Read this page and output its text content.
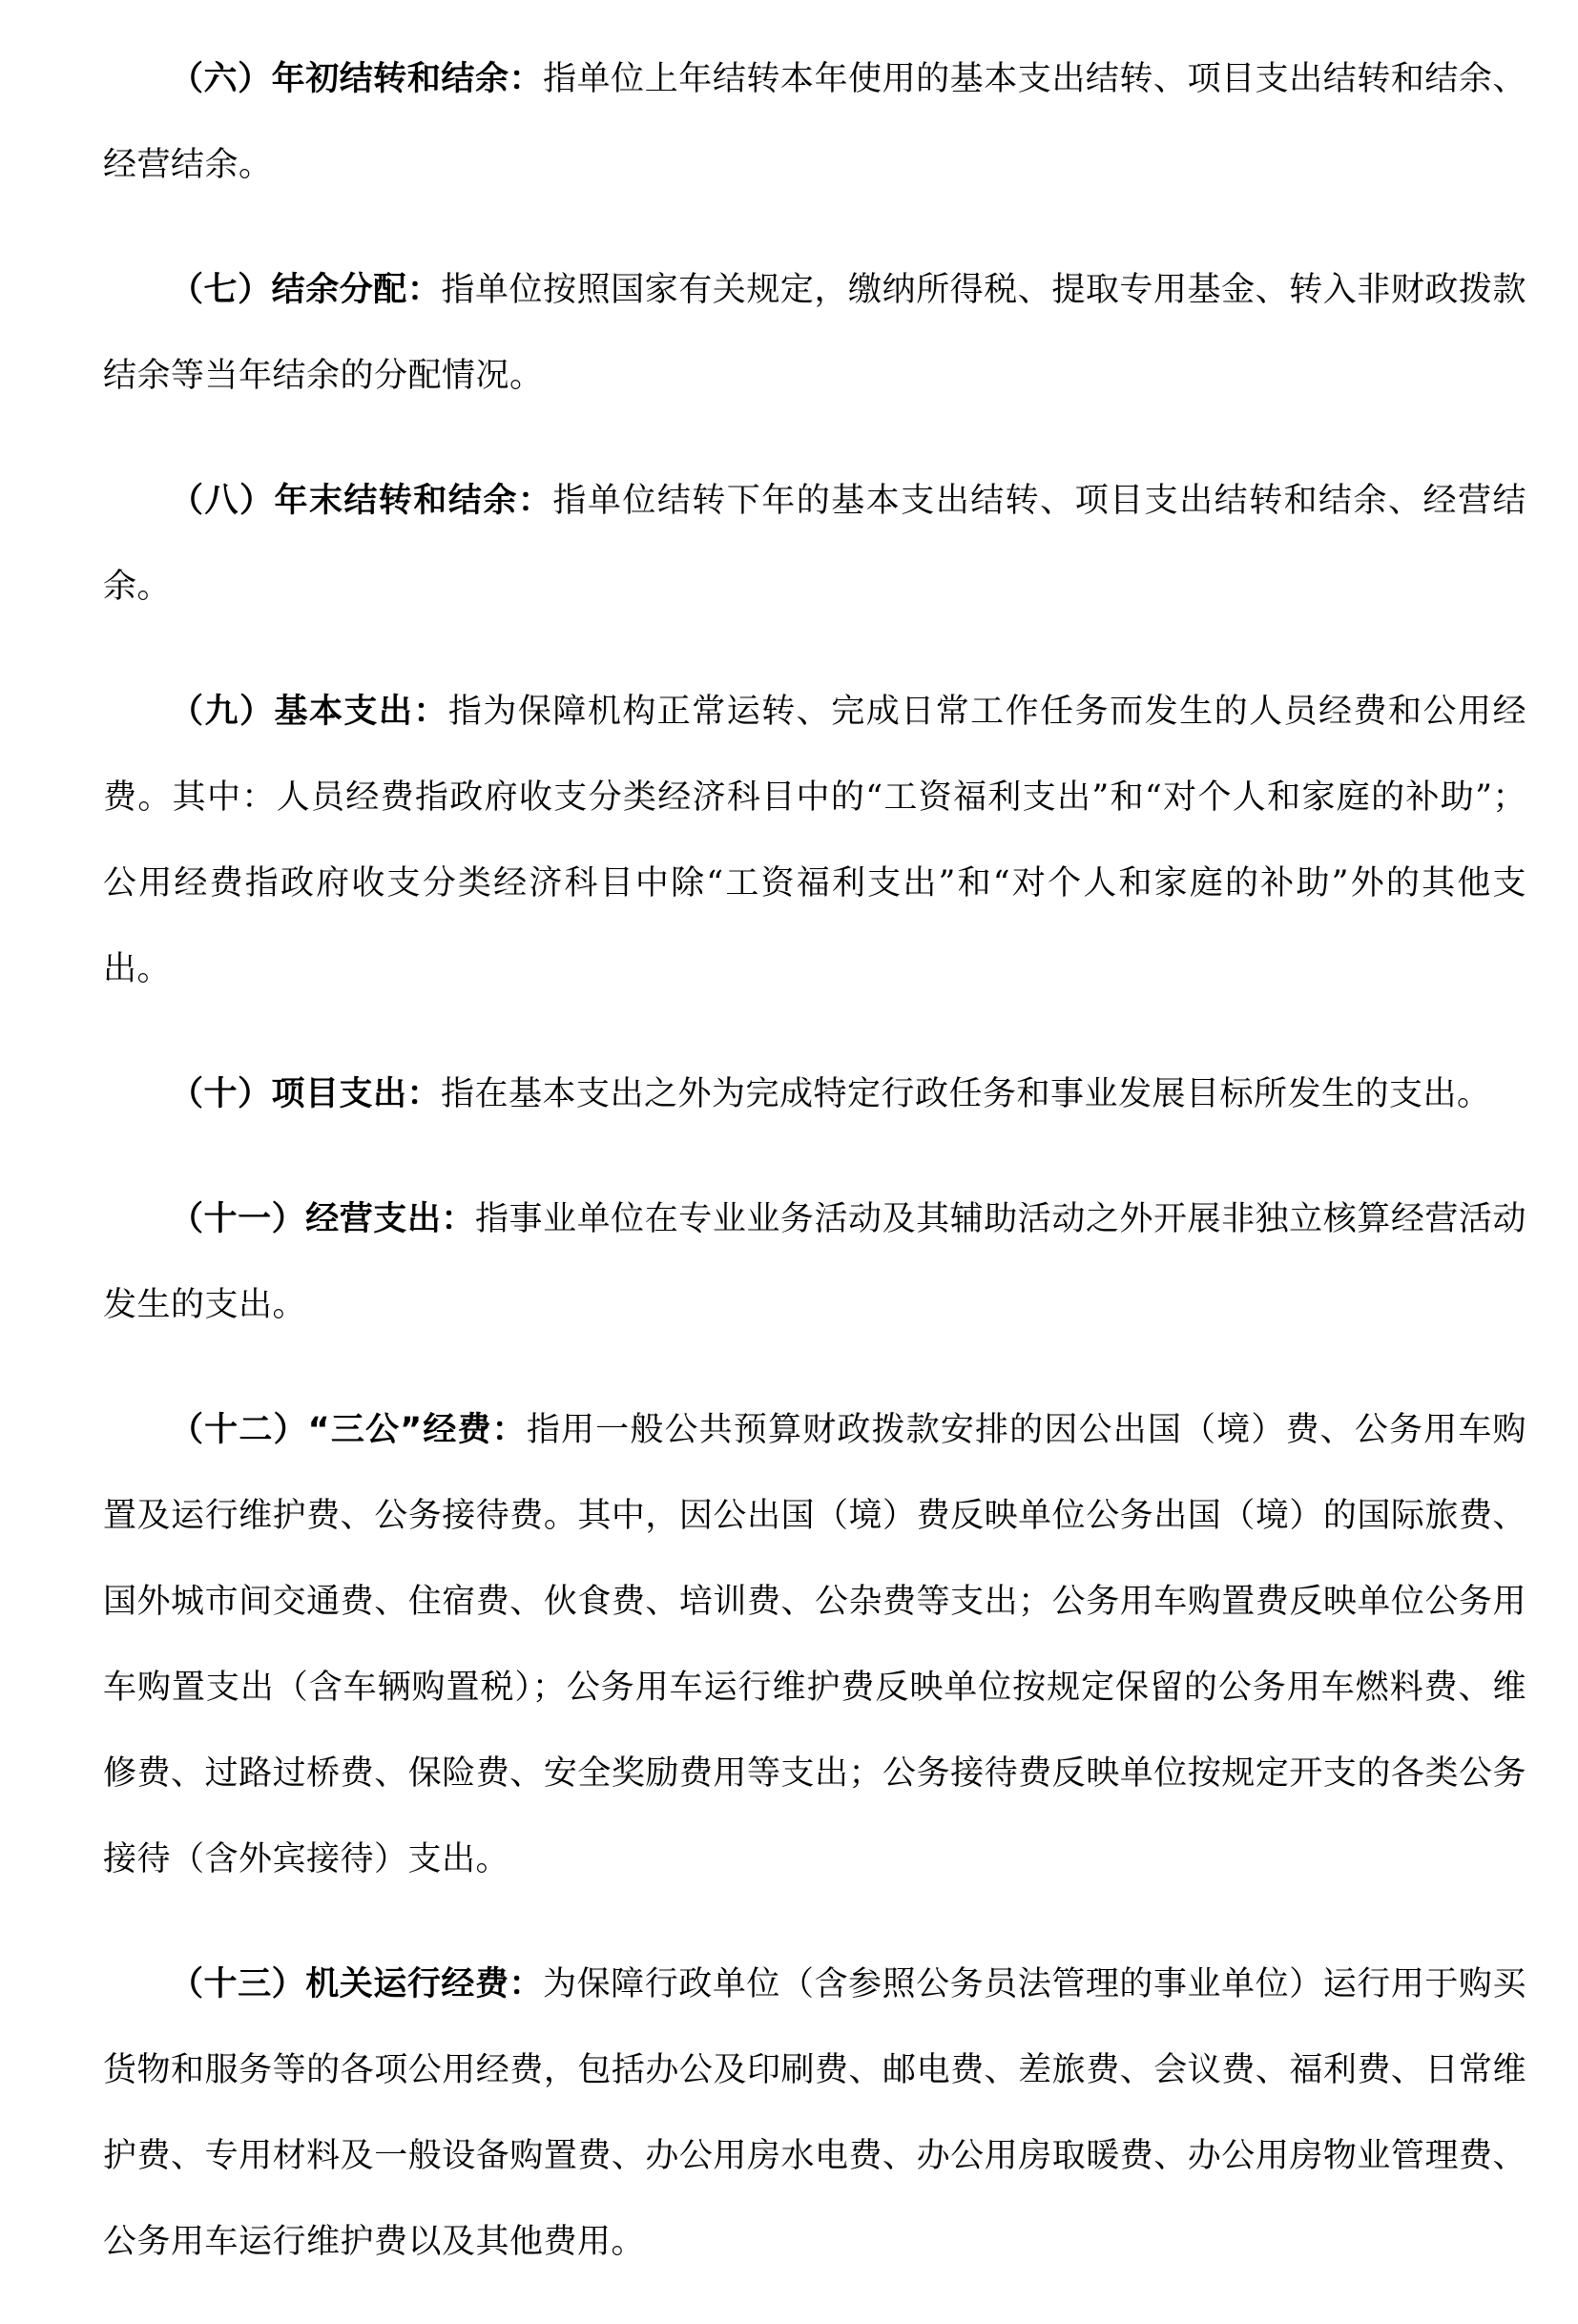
（六）年初结转和结余：指单位上年结转本年使用的基本支出结转、项目支出结转和结余、经营结余。

（七）结余分配：指单位按照国家有关规定，缴纳所得税、提取专用基金、转入非财政拨款结余等当年结余的分配情况。

（八）年末结转和结余：指单位结转下年的基本支出结转、项目支出结转和结余、经营结余。

（九）基本支出：指为保障机构正常运转、完成日常工作任务而发生的人员经费和公用经费。其中：人员经费指政府收支分类经济科目中的“工资福利支出”和“对个人和家庭的补助”；公用经费指政府收支分类经济科目中除“工资福利支出”和“对个人和家庭的补助”外的其他支出。

（十）项目支出：指在基本支出之外为完成特定行政任务和事业发展目标所发生的支出。

（十一）经营支出：指事业单位在专业业务活动及其辅助活动之外开展非独立核算经营活动发生的支出。

（十二）“三公”经费：指用一般公共预算财政拨款安排的因公出国（境）费、公务用车购置及运行维护费、公务接待费。其中，因公出国（境）费反映单位公务出国（境）的国际旅费、国外城市间交通费、住宿费、伙食费、培训费、公杂费等支出；公务用车购置费反映单位公务用车购置支出（含车辆购置税）；公务用车运行维护费反映单位按规定保留的公务用车燃料费、维修费、过路过桥费、保险费、安全奖励费用等支出；公务接待费反映单位按规定开支的各类公务接待（含外宾接待）支出。

（十三）机关运行经费：为保障行政单位（含参照公务员法管理的事业单位）运行用于购买货物和服务等的各项公用经费，包括办公及印刷费、邮电费、差旅费、会议费、福利费、日常维护费、专用材料及一般设备购置费、办公用房水电费、办公用房取暖费、办公用房物业管理费、公务用车运行维护费以及其他费用。
